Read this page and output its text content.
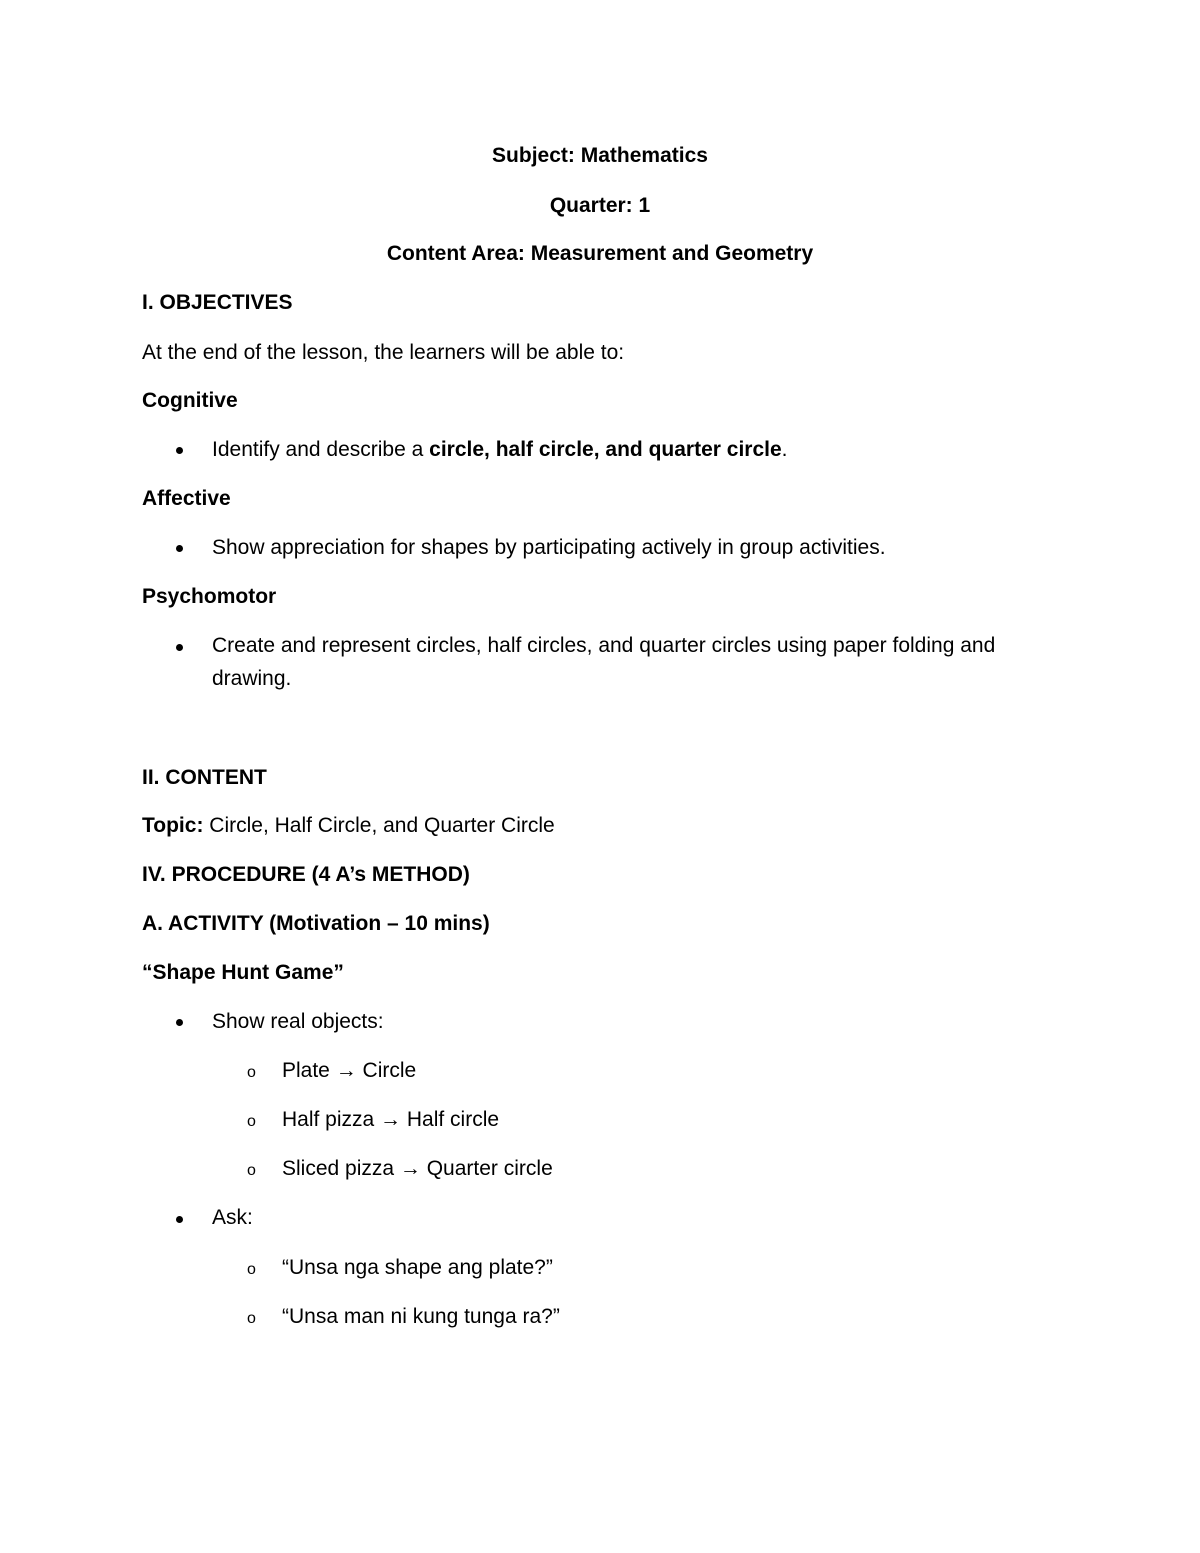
Subject: Mathematics

Quarter: 1

Content Area: Measurement and Geometry

I. OBJECTIVES

At the end of the lesson, the learners will be able to:

Cognitive

Identify and describe a circle, half circle, and quarter circle.

Affective

Show appreciation for shapes by participating actively in group activities.

Psychomotor

Create and represent circles, half circles, and quarter circles using paper folding and

drawing.

II. CONTENT

Topic: Circle, Half Circle, and Quarter Circle

IV. PROCEDURE (4 A’s METHOD)

A. ACTIVITY (Motivation – 10 mins)

“Shape Hunt Game”

Show real objects:

o Plate → Circle

o Half pizza → Half circle

o Sliced pizza → Quarter circle

Ask:

o “Unsa nga shape ang plate?”

o “Unsa man ni kung tunga ra?”
